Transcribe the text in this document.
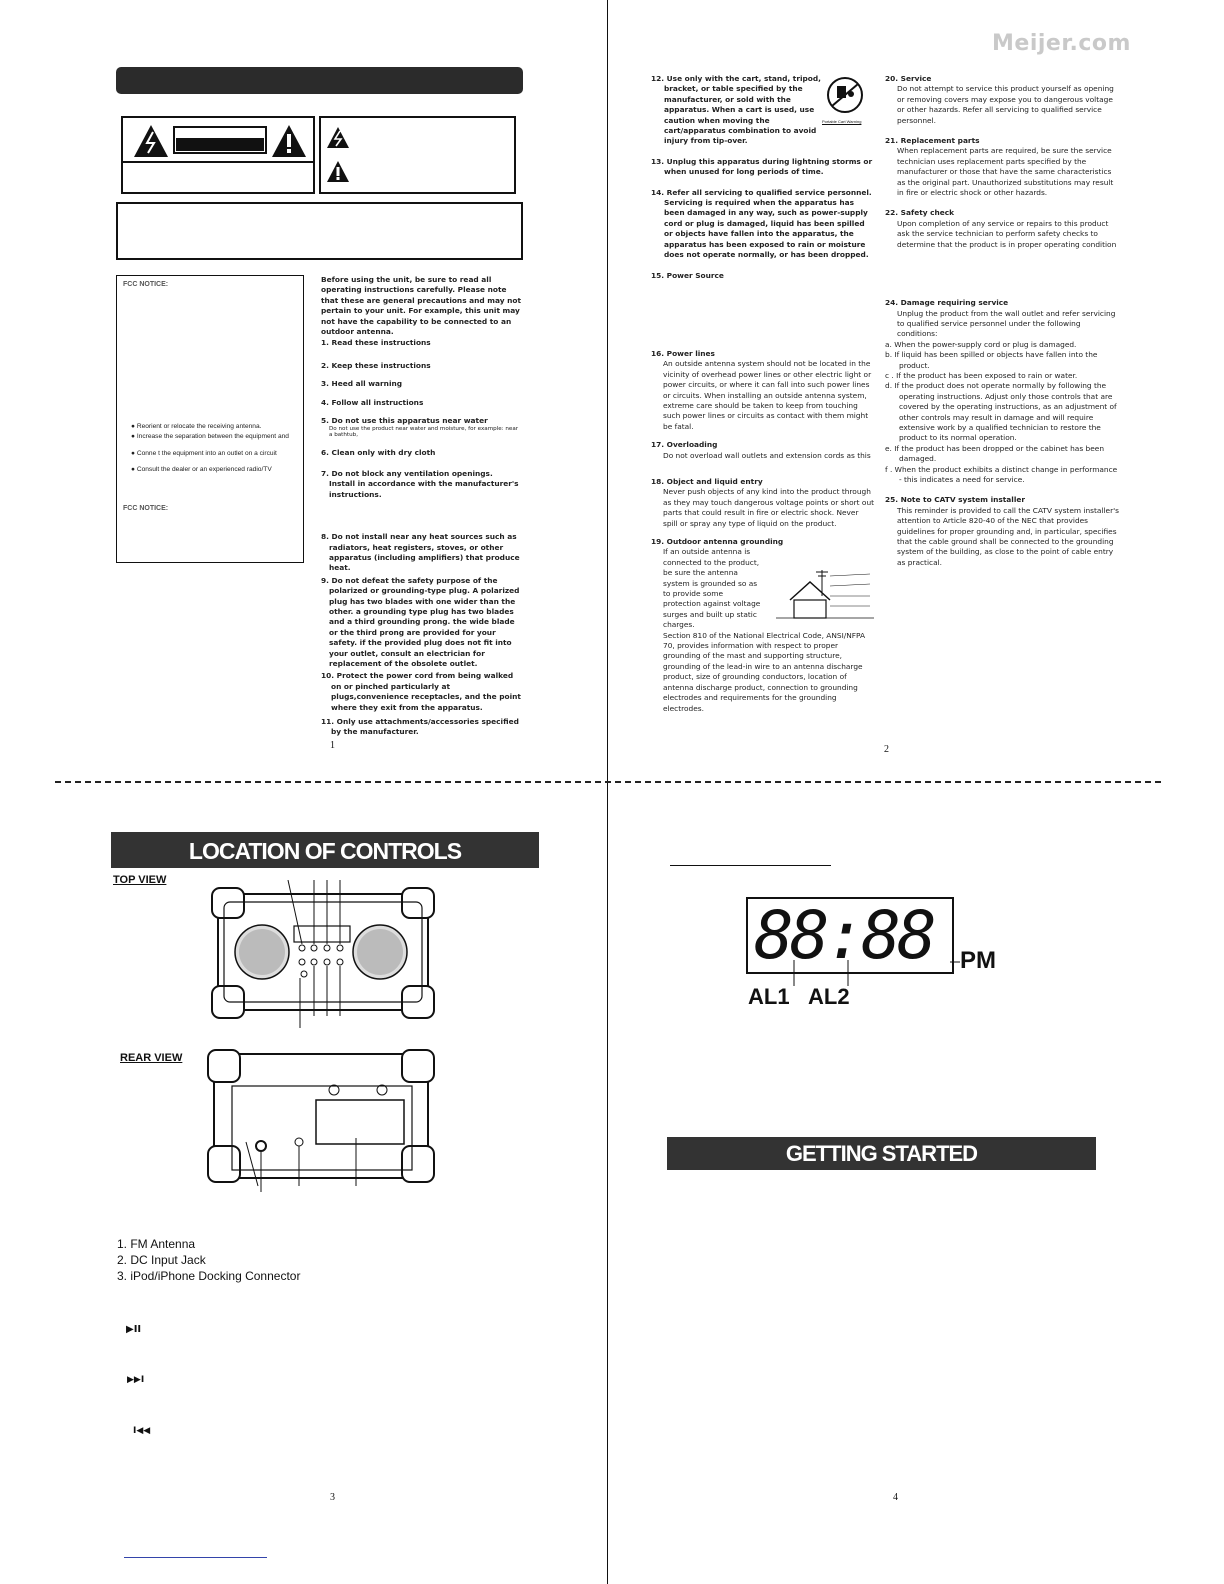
Meijer.com
FCC NOTICE:
● Reorient or relocate the receiving antenna.
● Increase the separation between the equipment and
● Conne t the equipment into an outlet on a circuit
● Consult the dealer or an experienced radio/TV
FCC NOTICE:
Before using the unit, be sure to read all operating instructions carefully. Please note that these are general precautions and may not pertain to your unit. For example, this unit may not have the capability to be connected to an outdoor antenna.
1. Read these instructions
2. Keep these instructions
3. Heed all warning
4. Follow all instructions
5. Do not use this apparatus near water
Do not use the product near water and moisture, for example: near a bathtub,
6. Clean only with dry cloth
7. Do not block any ventilation openings. Install in accordance with the manufacturer's instructions.
8. Do not install near any heat sources such as radiators, heat registers, stoves, or other apparatus (including amplifiers) that produce heat.
9. Do not defeat the safety purpose of the polarized or grounding-type plug. A polarized plug has two blades with one wider than the other. a grounding type plug has two blades and a third grounding prong. the wide blade or the third prong are provided for your safety. if the provided plug does not fit into your outlet, consult an electrician for replacement of the obsolete outlet.
10. Protect the power cord from being walked on or pinched particularly at plugs,convenience receptacles, and the point where they exit from the apparatus.
11. Only use attachments/accessories specified by the manufacturer.
1
12. Use only with the cart, stand, tripod, bracket, or table specified by the manufacturer, or sold with the apparatus. When a cart is used, use caution when moving the cart/apparatus combination to avoid injury from tip-over.
13. Unplug this apparatus during lightning storms or when unused for long periods of time.
14. Refer all servicing to qualified service personnel. Servicing is required when the apparatus has been damaged in any way, such as power-supply cord or plug is damaged, liquid has been spilled or objects have fallen into the apparatus, the apparatus has been exposed to rain or moisture does not operate normally, or has been dropped.
15. Power Source
16. Power lines
An outside antenna system should not be located in the vicinity of overhead power lines or other electric light or power circuits, or where it can fall into such power lines or circuits. When installing an outside antenna system, extreme care should be taken to keep from touching such power lines or circuits as contact with them might be fatal.
17. Overloading
Do not overload wall outlets and extension cords as this
18. Object and liquid entry
Never push objects of any kind into the product through as they may touch dangerous voltage points or short out parts that could result in fire or electric shock. Never spill or spray any type of liquid on the product.
19. Outdoor antenna grounding
If an outside antenna is connected to the product, be sure the antenna system is grounded so as to provide some protection against voltage surges and built up static charges.
Section 810 of the National Electrical Code, ANSI/NFPA 70, provides information with respect to proper grounding of the mast and supporting structure, grounding of the lead-in wire to an antenna discharge product, size of grounding conductors, location of antenna discharge product, connection to grounding electrodes and requirements for the grounding electrodes.
Portable Cart Warning
20. Service
Do not attempt to service this product yourself as opening or removing covers may expose you to dangerous voltage or other hazards. Refer all servicing to qualified service personnel.
21. Replacement parts
When replacement parts are required, be sure the service technician uses replacement parts specified by the manufacturer or those that have the same characteristics as the original part. Unauthorized substitutions may result in fire or electric shock or other hazards.
22. Safety check
Upon completion of any service or repairs to this product ask the service technician to perform safety checks to determine that the product is in proper operating condition
24. Damage requiring service
Unplug the product from the wall outlet and refer servicing to qualified service personnel under the following conditions:
a. When the power-supply cord or plug is damaged.
b. If liquid has been spilled or objects have fallen into the product.
c . If the product has been exposed to rain or water.
d. If the product does not operate normally by following the operating instructions. Adjust only those controls that are covered by the operating instructions, as an adjustment of other controls may result in damage and will require extensive work by a qualified technician to restore the product to its normal operation.
e. If the product has been dropped or the cabinet has been damaged.
f . When the product exhibits a distinct change in performance - this indicates a need for service.
25. Note to CATV system installer
This reminder is provided to call the CATV system installer's attention to Article 820-40 of the NEC that provides guidelines for proper grounding and, in particular, specifies that the cable ground shall be connected to the grounding system of the building, as close to the point of cable entry as practical.
2
LOCATION OF CONTROLS
TOP VIEW
REAR VIEW
1. FM Antenna
2. DC Input Jack
3. iPod/iPhone Docking Connector
▶II
▶▶I
I◀◀
3
88:88	PM
AL1 AL2
GETTING STARTED
4
